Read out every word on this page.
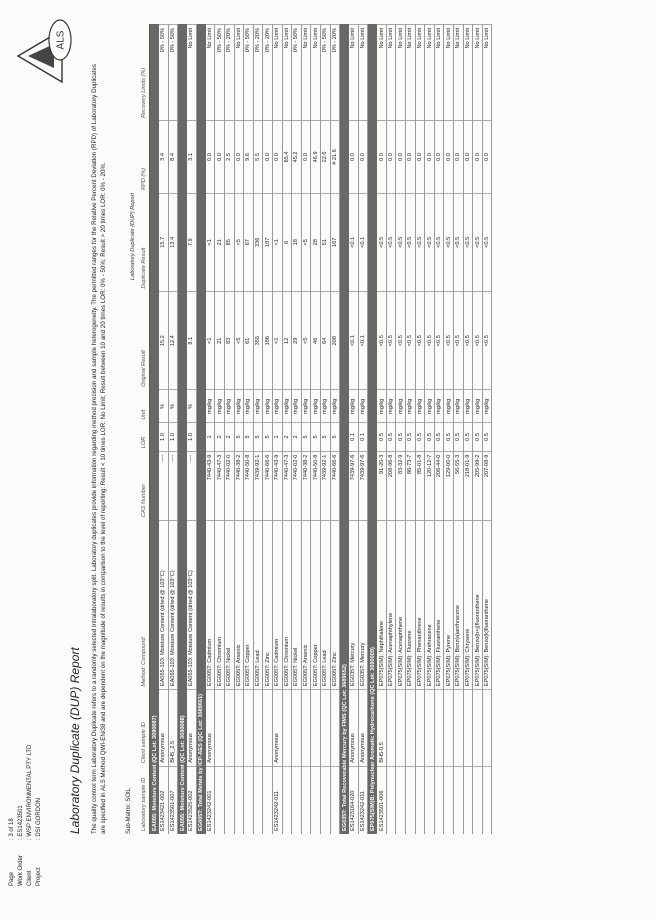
Page
: 3 of 18
Work Order
: ES1423501
Client
: WSP ENVIRONMENTAL PTY LTD
Project
: DSI GORDON
ALS
Laboratory Duplicate (DUP) Report The quality control term Laboratory Duplicate refers to a randomly selected intralaboratory split. Laboratory duplicates provide information regarding method precision and sample heterogeneity. The permitted ranges for the Relative Percent Deviation (RPD) of Laboratory Duplicates are specified in ALS Method QWI-EN/38 and are dependent on the magnitude of results in comparison to the level of reporting: Result < 10 times LOR: No Limit; Result between 10 and 20 times LOR: 0% - 50%; Result > 20 times LOR: 0% - 20%.	Sub-Matrix: SOIL
Laboratory Duplicate (DUP) Report
Laboratory sample ID	Client sample ID	Method: Compound	CAS Number	LOR	Unit	Original Result	Duplicate Result	RPD (%)	Recovery Limits (%)
EA055: Moisture Content (QC Lot: 3690087)									
ES1423421-002	Anonymous	EA055-103: Moisture Content (dried @ 103°C)	----	1.0	%	15.2	15.7	3.4	0% - 50%
ES1423501-007	BH5_2.5	EA055-103: Moisture Content (dried @ 103°C)	----	1.0	%	12.4	13.4	8.4	0% - 50%
EA055: Moisture Content (QC Lot: 3690088)									
ES1423525-002	Anonymous	EA055-103: Moisture Content (dried @ 103°C)	----	1.0	%	8.1	7.9	3.1	No Limit
EG005T: Total Metals by ICP-AES (QC Lot: 3689661)									
ES1423242-001	Anonymous	EG005T: Cadmium	7440-43-9	1	mg/kg	<1	<1	0.0	No Limit
		EG005T: Chromium	7440-47-3	2	mg/kg	21	21	0.0	0% - 50%
		EG005T: Nickel	7440-02-0	2	mg/kg	83	85	2.5	0% - 20%
		EG005T: Arsenic	7440-38-2	5	mg/kg	<5	<5	0.0	No Limit
		EG005T: Copper	7440-50-8	5	mg/kg	61	67	9.6	0% - 50%
		EG005T: Lead	7439-92-1	5	mg/kg	355	336	5.5	0% - 20%
		EG005T: Zinc	7440-66-6	5	mg/kg	186	187	0.0	0% - 20%
ES1423242-011	Anonymous	EG005T: Cadmium	7440-43-9	1	mg/kg	<1	<1	0.0	No Limit
		EG005T: Chromium	7440-47-3	2	mg/kg	12	6	65.4	No Limit
		EG005T: Nickel	7440-02-0	2	mg/kg	29	18	45.2	0% - 50%
		EG005T: Arsenic	7440-38-2	5	mg/kg	<5	<5	0.0	No Limit
		EG005T: Copper	7440-50-8	5	mg/kg	46	28	46.9	No Limit
		EG005T: Lead	7439-92-1	5	mg/kg	64	51	22.6	0% - 50%
		EG005T: Zinc	7440-66-6	5	mg/kg	208	167	# 21.6	0% - 20%
EG035T: Total Recoverable Mercury by FIMS (QC Lot: 3689652)									
ES1423164-020	Anonymous	EG035T: Mercury	7439-97-6	0.1	mg/kg	<0.1	<0.1	0.0	No Limit
ES1423242-011	Anonymous	EG035T: Mercury	7439-97-6	0.1	mg/kg	<0.1	<0.1	0.0	No Limit
EP075(SIM)B: Polynuclear Aromatic Hydrocarbons (QC Lot: 3690009)									
ES1423501-006	BH5-0.5	EP075(SIM): Naphthalene	91-20-3	0.5	mg/kg	<0.5	<0.5	0.0	No Limit
		EP075(SIM): Acenaphthylene	208-96-8	0.5	mg/kg	<0.5	<0.5	0.0	No Limit
		EP075(SIM): Acenaphthene	83-32-9	0.5	mg/kg	<0.5	<0.5	0.0	No Limit
		EP075(SIM): Fluorene	86-73-7	0.5	mg/kg	<0.5	<0.5	0.0	No Limit
		EP075(SIM): Phenanthrene	85-01-8	0.5	mg/kg	<0.5	<0.5	0.0	No Limit
		EP075(SIM): Anthracene	120-12-7	0.5	mg/kg	<0.5	<0.5	0.0	No Limit
		EP075(SIM): Fluoranthene	206-44-0	0.5	mg/kg	<0.5	<0.5	0.0	No Limit
		EP075(SIM): Pyrene	129-00-0	0.5	mg/kg	<0.5	<0.5	0.0	No Limit
		EP075(SIM): Benz(a)anthracene	56-55-3	0.5	mg/kg	<0.5	<0.5	0.0	No Limit
		EP075(SIM): Chrysene	218-01-9	0.5	mg/kg	<0.5	<0.5	0.0	No Limit
		EP075(SIM): Benzo(b+j)fluoranthene	205-99-2	0.5	mg/kg	<0.5	<0.5	0.0	No Limit
		EP075(SIM): Benzo(k)fluoranthene	207-08-9	0.5	mg/kg	<0.5	<0.5	0.0	No Limit
